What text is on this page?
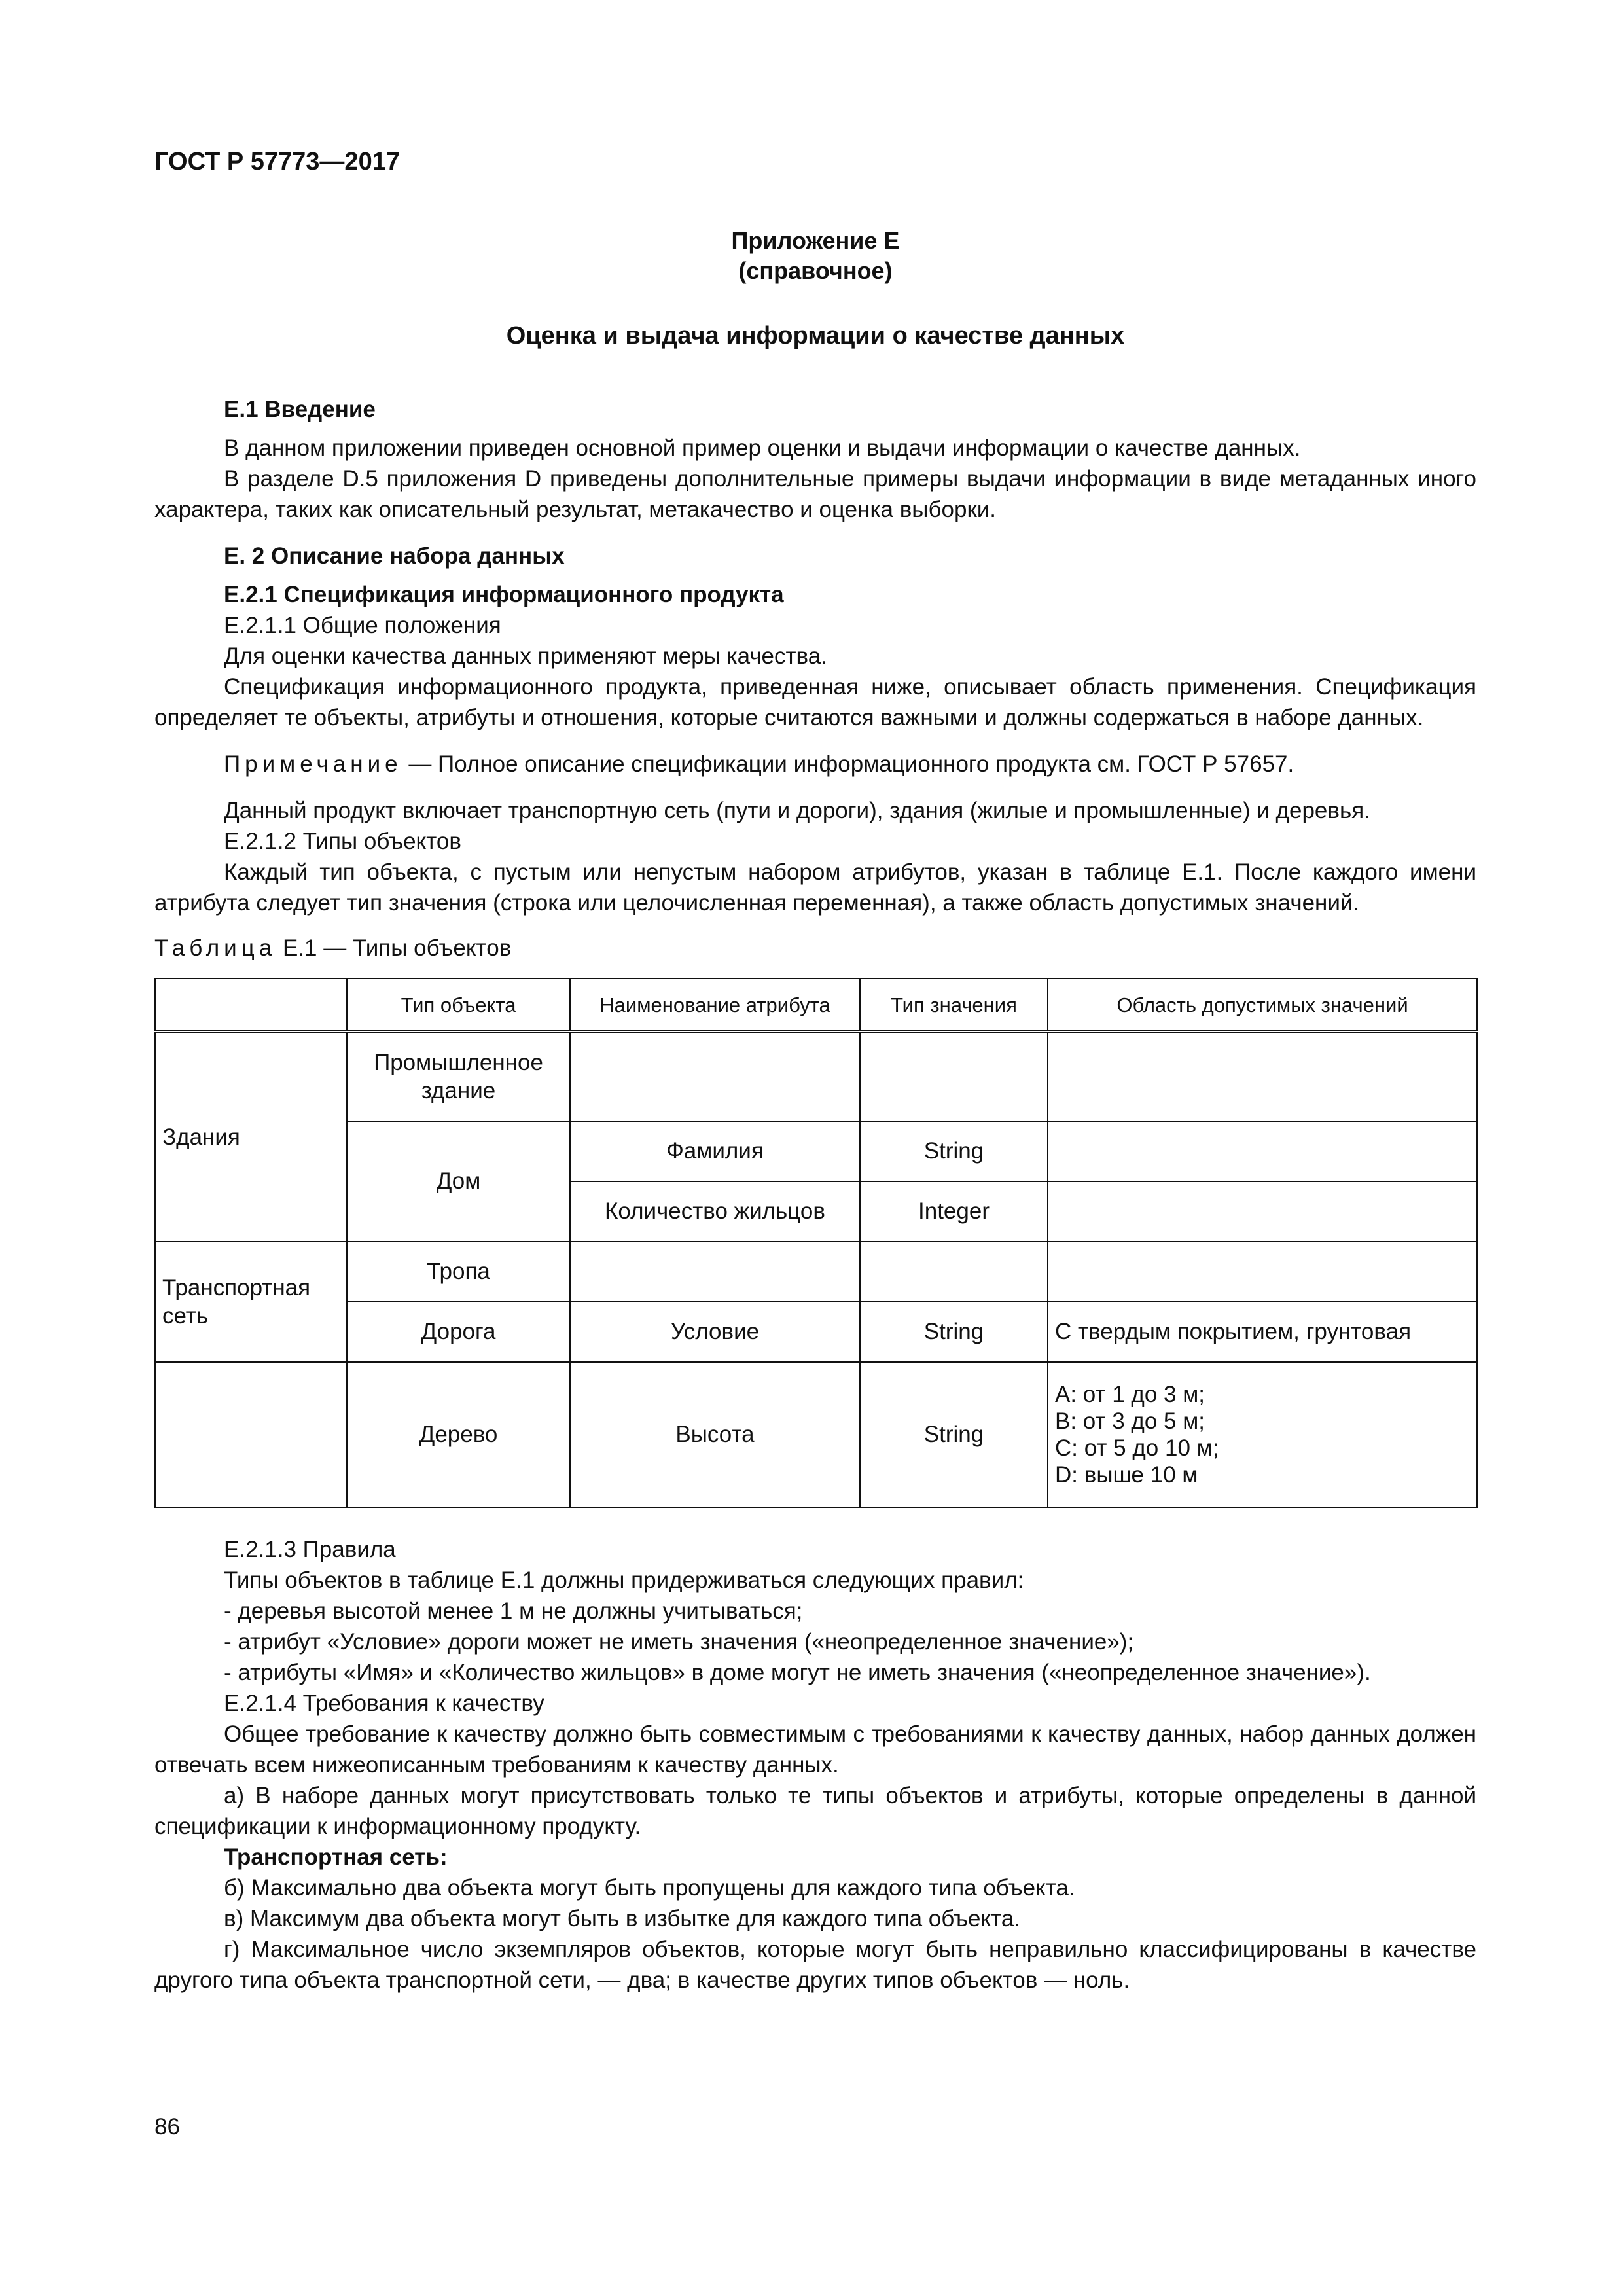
ГОСТ Р 57773—2017
Приложение Е
(справочное)
Оценка и выдача информации о качестве данных

Е.1 Введение

В данном приложении приведен основной пример оценки и выдачи информации о качестве данных.

В разделе D.5 приложения D приведены дополнительные примеры выдачи информации в виде метаданных иного характера, таких как описательный результат, метакачество и оценка выборки.

Е. 2 Описание набора данных

Е.2.1 Спецификация информационного продукта

Е.2.1.1 Общие положения

Для оценки качества данных применяют меры качества.

Спецификация информационного продукта, приведенная ниже, описывает область применения. Спецификация определяет те объекты, атрибуты и отношения, которые считаются важными и должны содержаться в наборе данных.

Примечание — Полное описание спецификации информационного продукта см. ГОСТ Р 57657.

Данный продукт включает транспортную сеть (пути и дороги), здания (жилые и промышленные) и деревья.

Е.2.1.2 Типы объектов

Каждый тип объекта, с пустым или непустым набором атрибутов, указан в таблице Е.1. После каждого имени атрибута следует тип значения (строка или целочисленная переменная), а также область допустимых значений.

Таблица Е.1 — Типы объектов

	Тип объекта	Наименование атрибута	Тип значения	Область допустимых значений
Здания	Промышленное здание			
	Дом	Фамилия	String	
		Количество жильцов	Integer	
Транспортная сеть	Тропа			
	Дорога	Условие	String	С твердым покрытием, грунтовая
	Дерево	Высота	String	А: от 1 до 3 м;
В: от 3 до 5 м;
С: от 5 до 10 м;
D: выше 10 м

Е.2.1.3 Правила

Типы объектов в таблице Е.1 должны придерживаться следующих правил:

- деревья высотой менее 1 м не должны учитываться;

- атрибут «Условие» дороги может не иметь значения («неопределенное значение»);

- атрибуты «Имя» и «Количество жильцов» в доме могут не иметь значения («неопределенное значение»).

Е.2.1.4 Требования к качеству

Общее требование к качеству должно быть совместимым с требованиями к качеству данных, набор данных должен отвечать всем нижеописанным требованиям к качеству данных.

а) В наборе данных могут присутствовать только те типы объектов и атрибуты, которые определены в данной спецификации к информационному продукту.

Транспортная сеть:

б) Максимально два объекта могут быть пропущены для каждого типа объекта.

в) Максимум два объекта могут быть в избытке для каждого типа объекта.

г) Максимальное число экземпляров объектов, которые могут быть неправильно классифицированы в качестве другого типа объекта транспортной сети, — два; в качестве других типов объектов — ноль.

86
